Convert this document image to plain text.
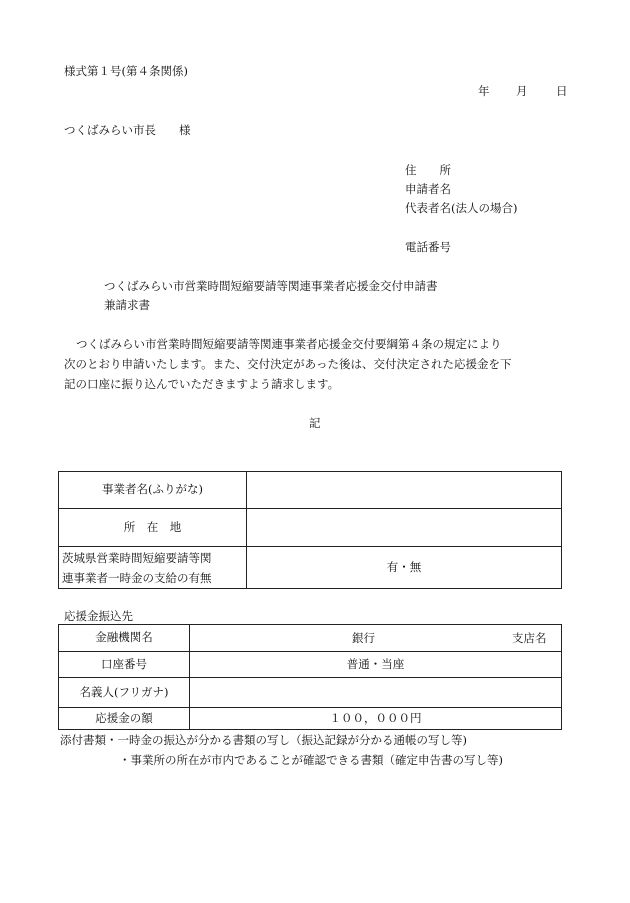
様式第１号(第４条関係)
年 月 日
つくばみらい市長　　様
住　　所
申請者名
代表者名(法人の場合)
電話番号
つくばみらい市営業時間短縮要請等関連事業者応援金交付申請書
兼請求書
つくばみらい市営業時間短縮要請等関連事業者応援金交付要綱第４条の規定により
次のとおり申請いたします。また、交付決定があった後は、交付決定された応援金を下
記の口座に振り込んでいただきますよう請求します。
記
事業者名(ふりがな)	
所　在　地	

茨城県営業時間短縮要請等関
連事業者一時金の支給の有無	有・無
応援金振込先
金融機関名	銀行 支店名

口座番号	普通・当座
名義人(フリガナ)	
応援金の額	１００，０００円
添付書類・一時金の振込が分かる書類の写し（振込記録が分かる通帳の写し等)
・事業所の所在が市内であることが確認できる書類（確定申告書の写し等)
